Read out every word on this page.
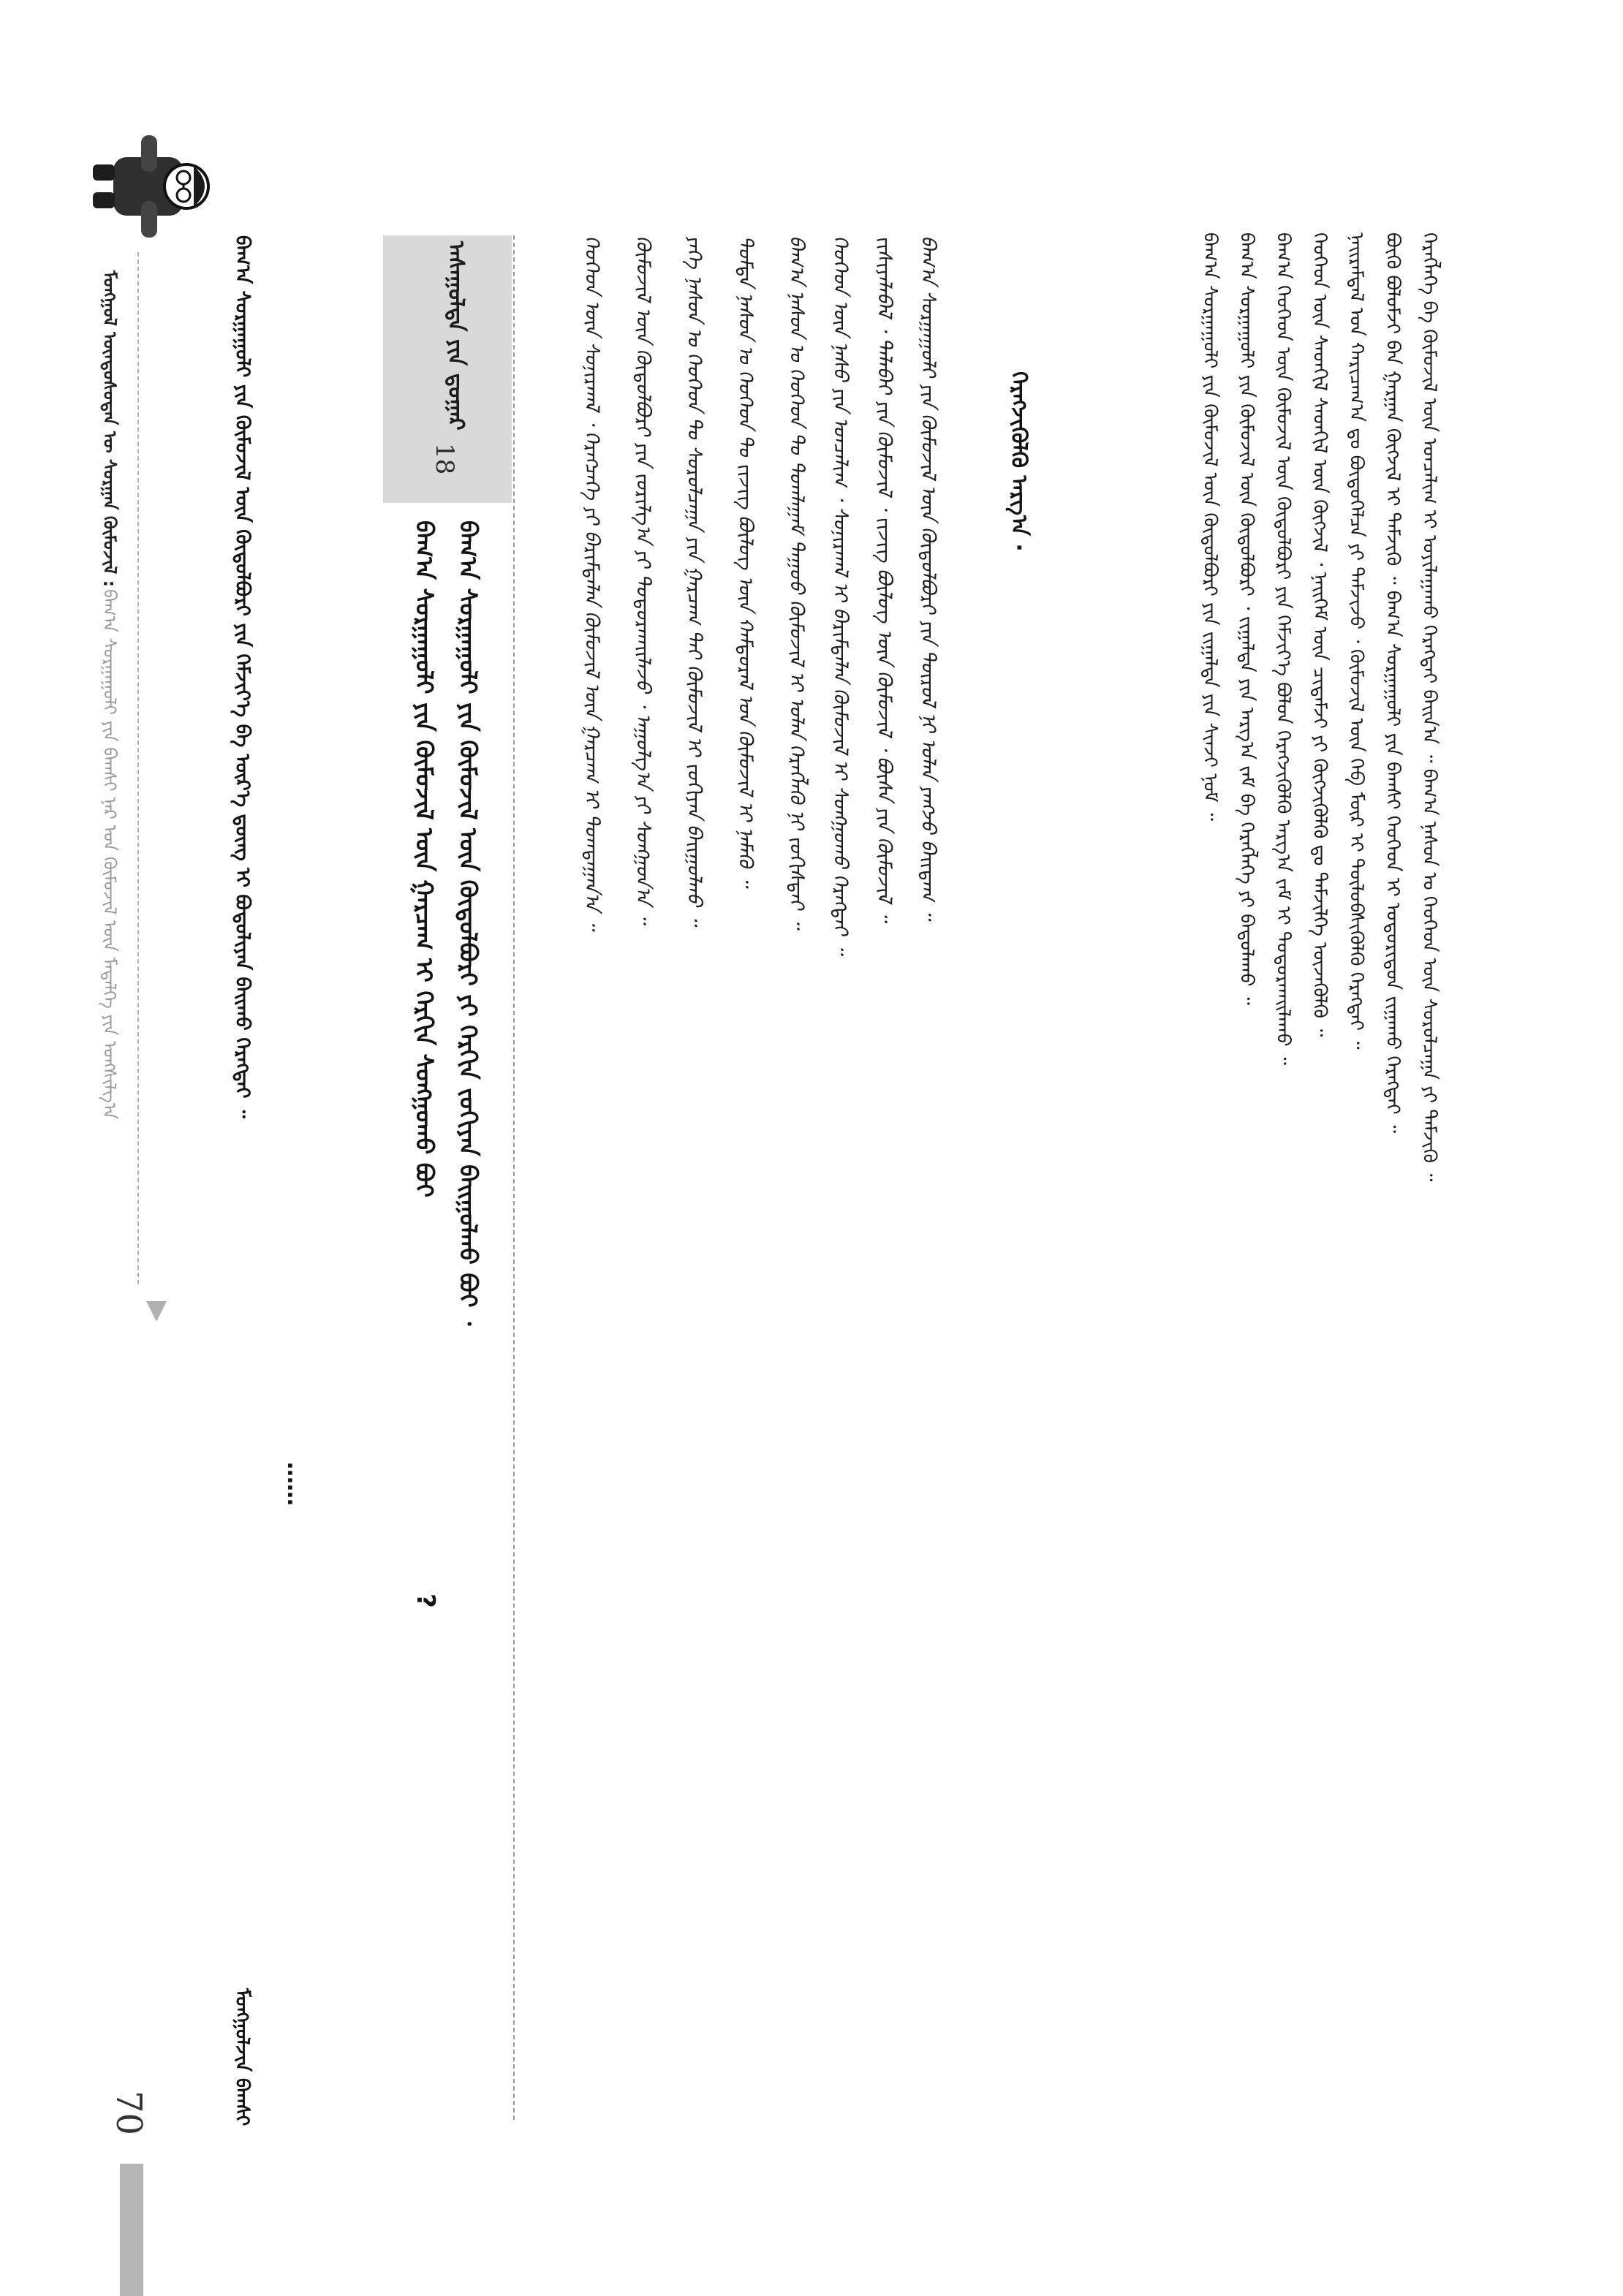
70
ᠮᠣᠩᠭᠤᠯ ᠦᠨᠳᠦᠰᠦᠲᠡᠨ ᠦ ᠰᠤᠷᠭᠠᠨ ᠬᠦᠮᠦᠵᠢᠯ :
ᠪᠠᠭ᠎ᠠ ᠰᠤᠷᠭᠠᠭᠤᠯᠢ ᠶᠢᠨ ᠪᠠᠭᠰᠢ ᠨᠠᠷ ᠤᠨ ᠬᠦᠮᠦᠵᠢᠯ ᠦᠨ ᠮᠡᠳᠡᠯᠭᠡ ᠶᠢᠨ ᠤᠩᠰᠢᠯᠭ᠎ᠠ	ᠬᠡᠷᠡᠭᠯᠡᠭᠡ ᠪᠠ ᠬᠦᠮᠦᠵᠢᠯ ᠦᠨ ᠣᠨᠴᠠᠯᠢᠭ ᠢ ᠣᠶᠢᠯᠠᠭᠠᠬᠤ ᠬᠡᠷᠡᠭᠲᠡᠢ ᠪᠠᠢᠨ᠎ᠠ ᠃ ᠪᠠᠭ᠎ᠠ ᠨᠠᠰᠤᠨ ᠤ ᠬᠡᠦᠬᠡᠳ ᠦᠨ ᠰᠤᠷᠤᠯᠴᠠᠭᠠ ᠶᠢ ᠳᠡᠮᠵᠢᠬᠦ ᠃
ᠪᠦᠬᠦ ᠪᠤᠯᠤᠮᠵᠢ ᠪᠠᠨ ᠭᠠᠷᠭᠠᠨ ᠬᠥᠭᠵᠢᠯ ᠢ ᠳᠡᠮᠵᠢᠬᠦ ᠃ ᠪᠠᠭ᠎ᠠ ᠰᠤᠷᠭᠠᠭᠤᠯᠢ ᠶᠢᠨ ᠪᠠᠭᠰᠢ ᠬᠡᠦᠬᠡᠳ ᠢ ᠤᠳᠤᠷᠢᠳᠤᠨ ᠵᠢᠭᠠᠬᠤ ᠬᠡᠷᠡᠭᠲᠡᠢ ᠃
ᠨᠠᠢᠷᠠᠮᠳᠠᠯ ᠤᠨ ᠬᠠᠷᠢᠴᠠᠭ᠎ᠠ ᠳᠤ ᠪᠦᠲᠦᠭᠡᠯᠴᠡ ᠶᠢ ᠳᠡᠮᠵᠢᠵᠦ ᠂ ᠬᠦᠮᠦᠵᠢᠯ ᠦᠨ ᠬᠡᠪ ᠮᠥᠷ ᠢ ᠲᠥᠯᠦᠪᠰᠢᠭᠦᠯᠬᠦ ᠬᠡᠷᠡᠭᠲᠡᠢ ᠃
ᠬᠡᠦᠬᠡᠳ ᠦᠨ ᠰᠡᠳᠬᠢᠯ ᠰᠡᠳᠬᠢᠯ ᠦᠨ ᠬᠥᠭᠵᠢᠯ ᠂ ᠨᠡᠢᠭᠡᠮ ᠦᠨ ᠴᠢᠳᠠᠮᠵᠢ ᠶᠢ ᠬᠥᠭᠵᠢᠭᠦᠯᠬᠦ ᠳᠤ ᠳᠡᠮᠵᠢᠯᠭᠡ ᠦᠵᠡᠭᠦᠯᠬᠦ ᠃
ᠪᠠᠭ᠎ᠠ ᠬᠡᠦᠬᠡᠳ ᠦᠨ ᠬᠦᠮᠦᠵᠢᠯ ᠦᠨ ᠬᠥᠲᠥᠯᠪᠦᠷᠢ ᠶᠢᠨ ᠬᠡᠮᠵᠢᠶ᠎ᠡ ᠪᠣᠯᠤᠨ ᠬᠡᠷᠡᠭᠵᠢᠭᠦᠯᠬᠦ ᠠᠷᠭ᠎ᠠ ᠵᠠᠮ ᠢ ᠲᠣᠳᠣᠷᠬᠠᠢᠯᠠᠬᠤ ᠃
ᠪᠠᠭ᠎ᠠ ᠰᠤᠷᠭᠠᠭᠤᠯᠢ ᠶᠢᠨ ᠬᠦᠮᠦᠵᠢᠯ ᠦᠨ ᠬᠥᠲᠥᠯᠪᠦᠷᠢ ᠂ ᠵᠢᠭᠠᠯᠲᠠ ᠶᠢᠨ ᠠᠷᠭ᠎ᠠ ᠵᠠᠮ ᠪᠠ ᠬᠡᠷᠡᠭᠯᠡᠭᠡ ᠶᠢ ᠪᠠᠲᠤᠯᠠᠬᠤ ᠃
ᠪᠠᠭ᠎ᠠ ᠰᠤᠷᠭᠠᠭᠤᠯᠢ ᠶᠢᠨ ᠬᠦᠮᠦᠵᠢᠯ ᠦᠨ ᠬᠥᠲᠥᠯᠪᠦᠷᠢ ᠶᠢᠨ ᠵᠢᠭᠠᠯᠲᠠ ᠶᠢᠨ ᠰᠢᠨᠵᠢ ᠨᠣᠮ ᠃
ᠬᠡᠷᠡᠭᠵᠢᠭᠦᠯᠬᠦ ᠠᠷᠭ᠎ᠠ ·
ᠠᠰᠠᠭᠤᠯᠲᠠ ᠶᠢᠨ ᠳ᠋ᠤᠭᠠᠷ
18
ᠪᠠᠭ᠎ᠠ ᠰᠤᠷᠭᠠᠭᠤᠯᠢ ᠶᠢᠨ ᠬᠦᠮᠦᠵᠢᠯ ᠦᠨ ᠬᠥᠲᠥᠯᠪᠦᠷᠢ ᠶᠢ ᠬᠡᠷᠬᠢᠨ ᠵᠣᠬᠢᠶᠠᠨ ᠪᠠᠢᠭᠤᠯᠬᠤ ᠪᠤᠢ ᠂
ᠪᠠᠭ᠎ᠠ ᠰᠤᠷᠭᠠᠭᠤᠯᠢ ᠶᠢᠨ ᠬᠦᠮᠦᠵᠢᠯ ᠦᠨ ᠭᠠᠷᠴᠠᠭ ᠢ ᠬᠡᠷᠬᠢᠨ ᠰᠣᠩᠭᠣᠬᠤ ᠪᠤᠢ
?
ᠪᠠᠭ᠎ᠠ ᠰᠤᠷᠭᠠᠭᠤᠯᠢ ᠶᠢᠨ ᠬᠦᠮᠦᠵᠢᠯ ᠦᠨ ᠬᠥᠲᠥᠯᠪᠦᠷᠢ ᠶᠢᠨ ᠲᠥᠷᠥᠯ ᠨᠢ ᠣᠯᠠᠨ ᠶᠠᠩᠵᠤ ᠪᠠᠢᠳᠠᠭ ᠃
ᠵᠢᠱᠢᠶᠡᠯᠡᠪᠡᠯ ᠂ ᠲᠠᠯᠠᠪᠠᠢ ᠶᠢᠨ ᠬᠦᠮᠦᠵᠢᠯ ᠂ ᠵᠢᠵᠢᠭ ᠪᠦᠯᠦᠭ ᠦᠨ ᠬᠦᠮᠦᠵᠢᠯ ᠂ ᠪᠦᠰᠡ ᠶᠢᠨ ᠬᠦᠮᠦᠵᠢᠯ ᠃
ᠬᠡᠦᠬᠡᠳ ᠦᠨ ᠨᠠᠰᠤ ᠶᠢᠨ ᠣᠨᠴᠠᠯᠢᠭ ᠂ ᠰᠣᠨᠢᠷᠬᠠᠯ ᠢ ᠪᠠᠷᠢᠮᠲᠠᠯᠠᠨ ᠬᠦᠮᠦᠵᠢᠯ ᠢ ᠰᠣᠩᠭᠣᠬᠤ ᠬᠡᠷᠡᠭᠲᠡᠢ ᠃
ᠪᠠᠭ᠎ᠠ ᠨᠠᠰᠤᠨ ᠤ ᠬᠡᠦᠬᠡᠳ ᠲᠤ ᠲᠣᠭᠯᠠᠭᠠᠮ ᠳᠠᠭᠤᠤ ᠬᠦᠮᠦᠵᠢᠯ ᠢ ᠣᠯᠠᠨ ᠬᠡᠷᠡᠭᠯᠡᠬᠦ ᠨᠢ ᠵᠣᠬᠢᠰᠲᠠᠢ ᠃
ᠳᠤᠮᠳᠠ ᠨᠠᠰᠤᠨ ᠤ ᠬᠡᠦᠬᠡᠳ ᠲᠤ ᠵᠢᠵᠢᠭ ᠪᠦᠯᠦᠭ ᠦᠨ ᠬᠠᠮᠲᠤᠷᠠᠯ ᠤᠨ ᠬᠦᠮᠦᠵᠢᠯ ᠢ ᠨᠡᠮᠡᠬᠦ ᠃
ᠶᠡᠬᠡ ᠨᠠᠰᠤᠨ ᠤ ᠬᠡᠦᠬᠡᠳ ᠲᠤ ᠰᠤᠷᠤᠯᠴᠠᠭᠠ ᠶᠢᠨ ᠭᠠᠷᠴᠠᠭ ᠲᠠᠢ ᠬᠦᠮᠦᠵᠢᠯ ᠢ ᠵᠣᠬᠢᠶᠠᠨ ᠪᠠᠢᠭᠤᠯᠬᠤ ᠃
ᠬᠦᠮᠦᠵᠢᠯ ᠦᠨ ᠬᠥᠲᠥᠯᠪᠦᠷᠢ ᠶᠢᠨ ᠵᠣᠷᠢᠯᠭ᠎ᠠ ᠶᠢ ᠲᠣᠳᠣᠷᠬᠠᠢᠯᠠᠵᠤ ᠂ ᠠᠭᠤᠯᠭ᠎ᠠ ᠶᠢ ᠰᠣᠩᠭᠣᠨ᠎ᠠ ᠃
ᠬᠡᠦᠬᠡᠳ ᠦᠨ ᠰᠣᠨᠢᠷᠬᠠᠯ ᠂ ᠬᠡᠷᠡᠭᠴᠡᠭᠡ ᠶᠢ ᠪᠠᠷᠢᠮᠲᠠᠯᠠᠨ ᠬᠦᠮᠦᠵᠢᠯ ᠦᠨ ᠭᠠᠷᠴᠠᠭ ᠢ ᠲᠣᠭᠲᠠᠭᠠᠨ᠎ᠠ ᠃
……
ᠪᠠᠭ᠎ᠠ ᠰᠤᠷᠭᠠᠭᠤᠯᠢ ᠶᠢᠨ ᠬᠦᠮᠦᠵᠢᠯ ᠦᠨ ᠬᠥᠲᠥᠯᠪᠦᠷᠢ ᠶᠢᠨ ᠬᠡᠮᠵᠢᠶ᠎ᠡ ᠪᠠ ᠦᠷ᠎ᠡ ᠳ᠋ᠦᠩ ᠢ ᠪᠤᠳᠤᠯᠢᠶᠠᠨ ᠪᠠᠢᠬᠤ ᠬᠡᠷᠡᠭᠲᠡᠢ ᠃
ᠮᠣᠩᠭᠤᠯᠵᠢᠨ ᠪᠠᠭᠰᠢ
